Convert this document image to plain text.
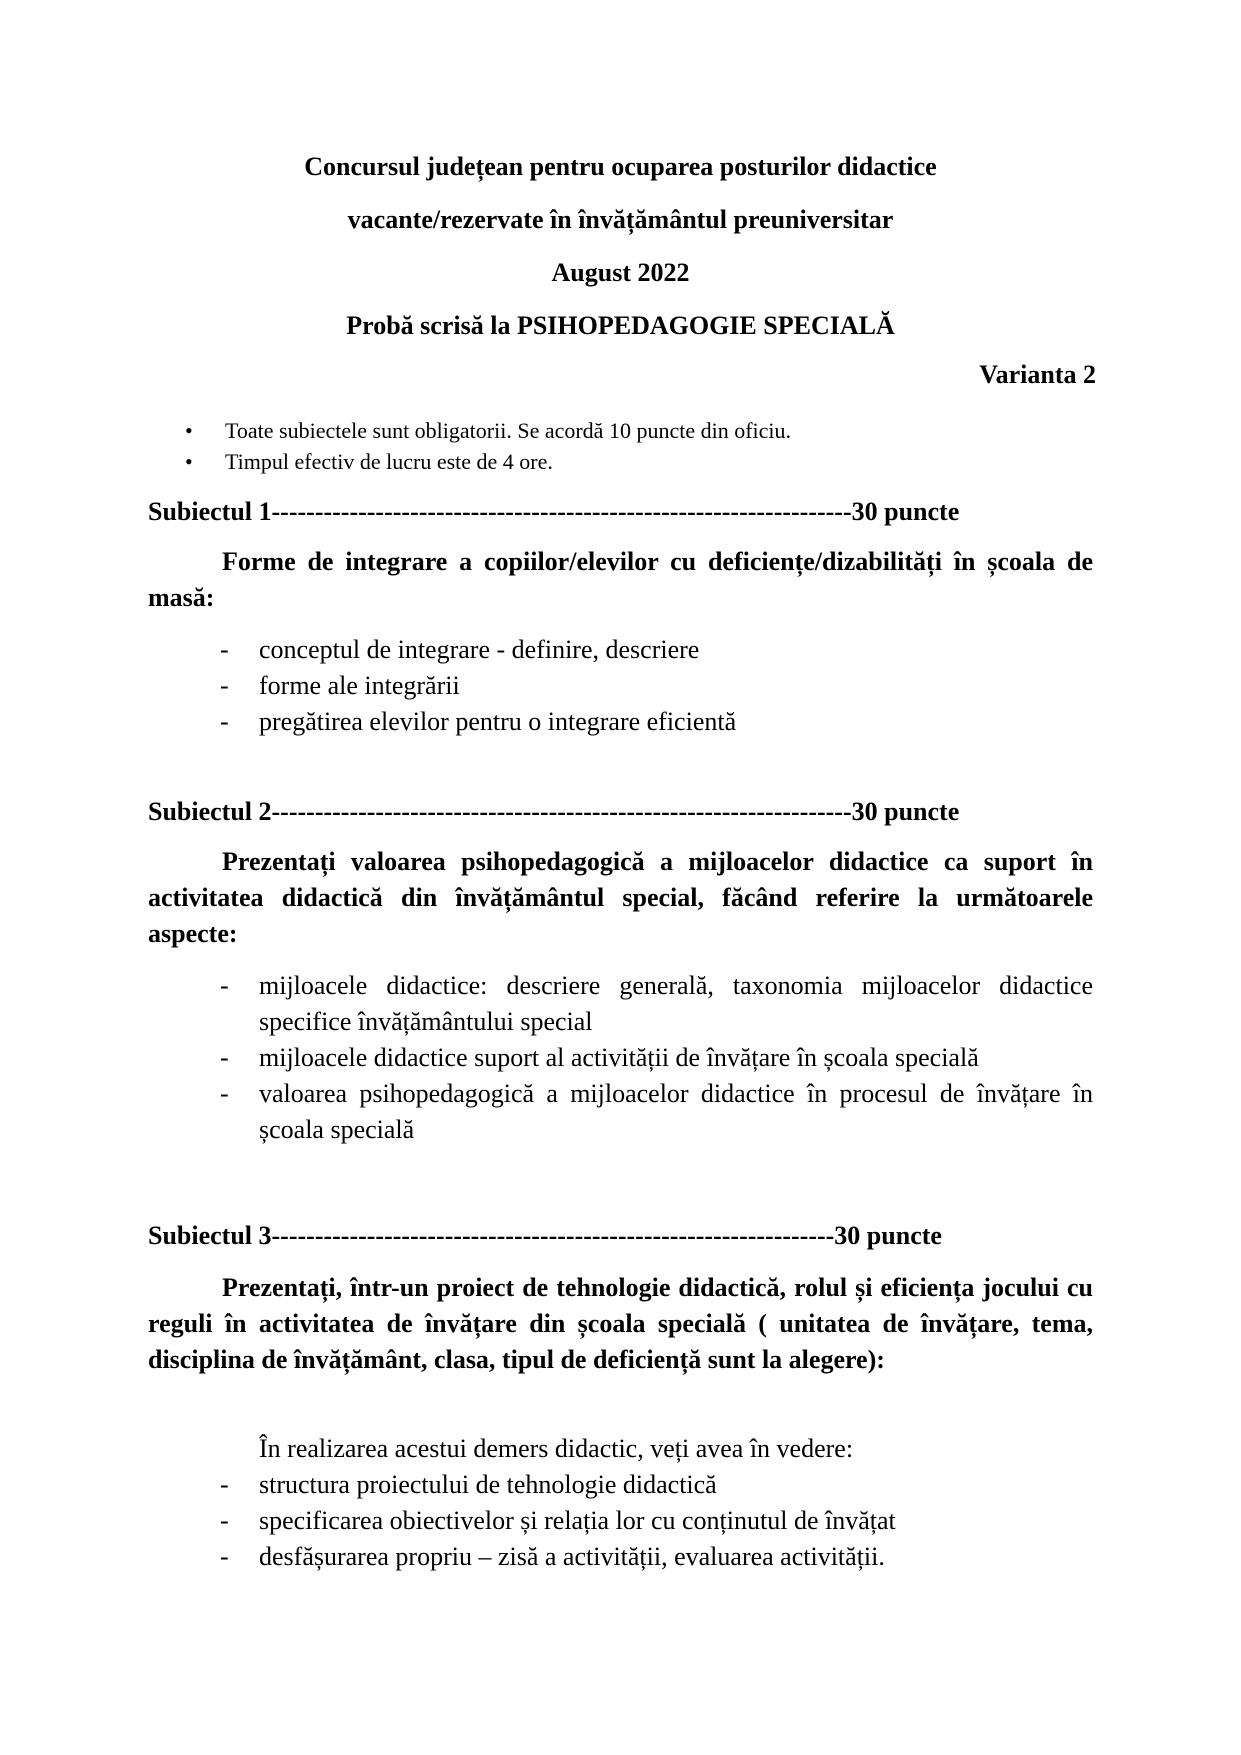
Concursul județean pentru ocuparea posturilor didactice
vacante/rezervate în învățământul preuniversitar
August 2022
Probă scrisă la PSIHOPEDAGOGIE SPECIALĂ
Varianta 2
• Toate subiectele sunt obligatorii. Se acordă 10 puncte din oficiu.
• Timpul efectiv de lucru este de 4 ore.
Subiectul 1-------------------------------------------------------------------30 puncte

Forme de integrare a copiilor/elevilor cu deficiențe/dizabilități în școala de masă:

- conceptul de integrare - definire, descriere
- forme ale integrării
- pregătirea elevilor pentru o integrare eficientă
Subiectul 2-------------------------------------------------------------------30 puncte

Prezentați valoarea psihopedagogică a mijloacelor didactice ca suport în activitatea didactică din învățământul special, făcând referire la următoarele aspecte:

- mijloacele didactice: descriere generală, taxonomia mijloacelor didactice specifice învățământului special
- mijloacele didactice suport al activității de învățare în școala specială
- valoarea psihopedagogică a mijloacelor didactice în procesul de învățare în școala specială
Subiectul 3-----------------------------------------------------------------30 puncte

Prezentați, într-un proiect de tehnologie didactică, rolul și eficiența jocului cu reguli în activitatea de învățare din școala specială ( unitatea de învățare, tema, disciplina de învățământ, clasa, tipul de deficiență sunt la alegere):

În realizarea acestui demers didactic, veți avea în vedere:
- structura proiectului de tehnologie didactică
- specificarea obiectivelor și relația lor cu conținutul de învățat
- desfășurarea propriu – zisă a activității, evaluarea activității.
